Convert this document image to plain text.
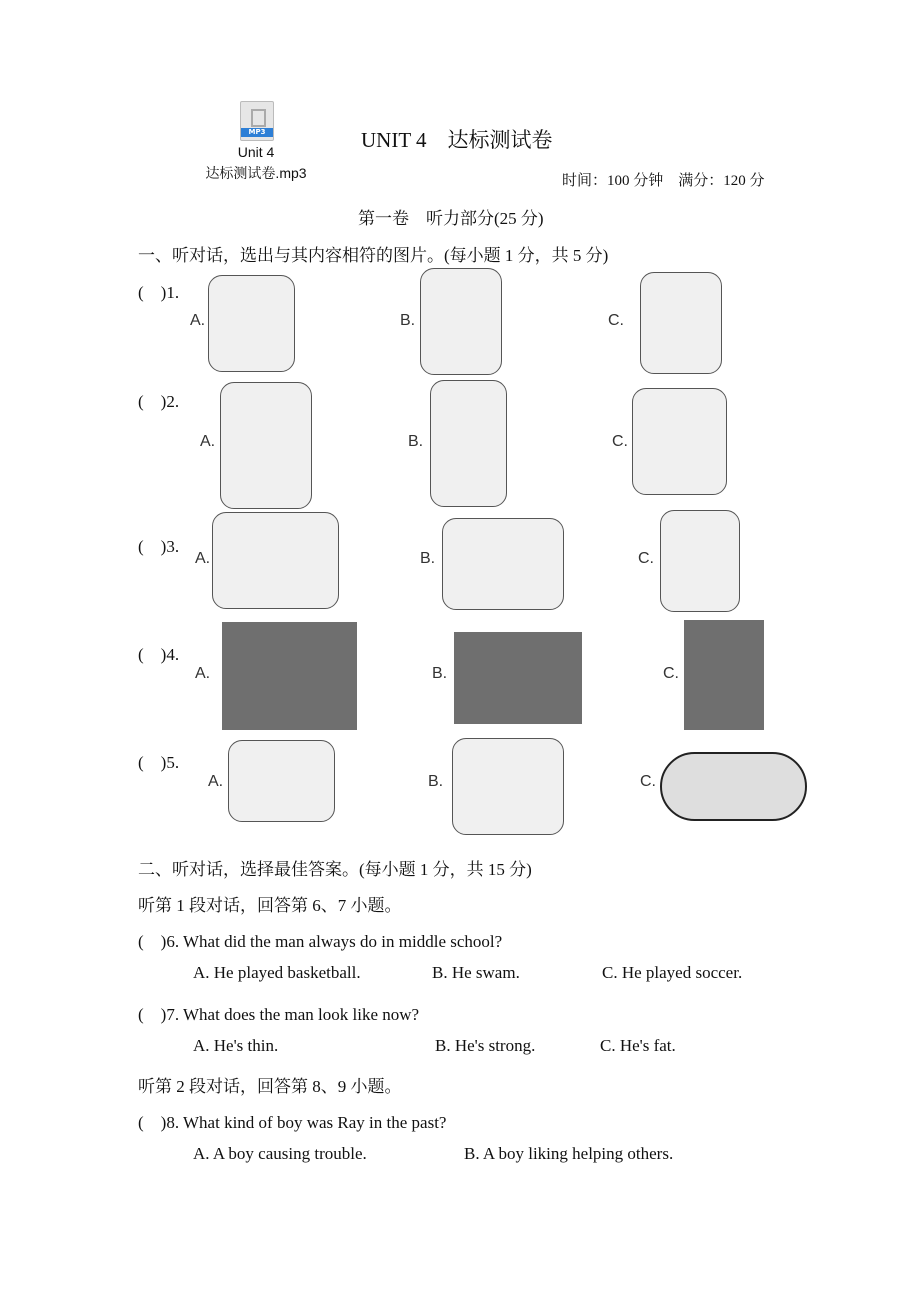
MP3
Unit 4
达标测试卷.mp3
UNIT 4　达标测试卷
时间：100 分钟　满分：120 分
第一卷　听力部分(25 分)
一、听对话，选出与其内容相符的图片。(每小题 1 分，共 5 分)
(　)1.
A.	B.	C.
(　)2.
A.	B.	C.
(　)3.
A.	B.	C.
(　)4.
A.	B.	C.
(　)5.
A.	B.	C.
二、听对话，选择最佳答案。(每小题 1 分，共 15 分)
听第 1 段对话，回答第 6、7 小题。
(　)6. What did the man always do in middle school?
A. He played basketball.	B. He swam.	C. He played soccer.
(　)7. What does the man look like now?
A. He's thin.	B. He's strong.	C. He's fat.
听第 2 段对话，回答第 8、9 小题。
(　)8. What kind of boy was Ray in the past?
A. A boy causing trouble.	B. A boy liking helping others.
